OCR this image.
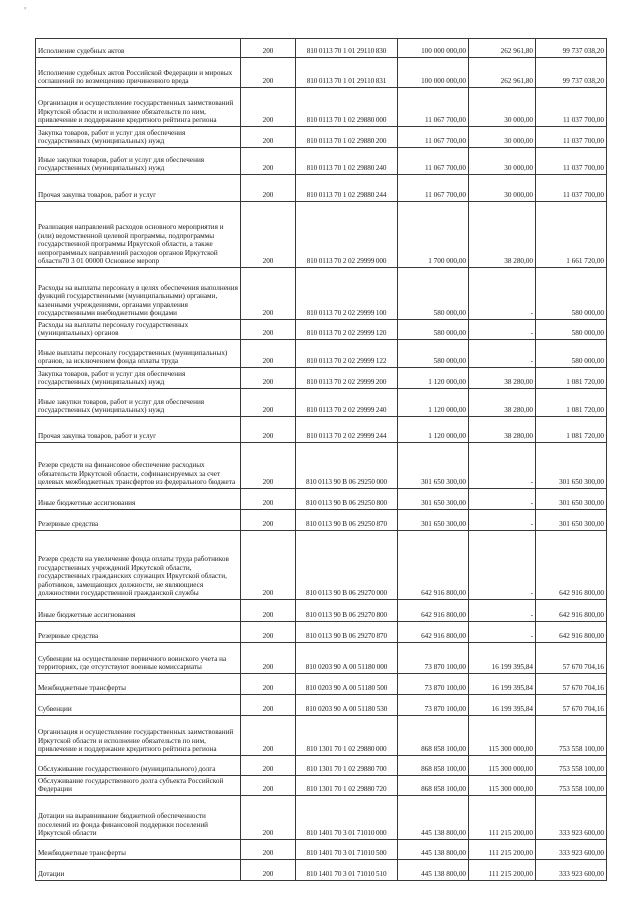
'
Исполнение судебных актов	200	810 0113 70 1 01 29110 830	100 000 000,00	262 961,80	99 737 038,20
Исполнение судебных актов Российской Федерации и мировых соглашений по возмещению причиненного вреда	200	810 0113 70 1 01 29110 831	100 000 000,00	262 961,80	99 737 038,20
Организация и осуществление государственных заимствований Иркутской области и исполнение обязательств по ним, привлечение и поддержание кредитного рейтинга региона	200	810 0113 70 1 02 29880 000	11 067 700,00	30 000,00	11 037 700,00
Закупка товаров, работ и услуг для обеспечения государственных (муниципальных) нужд	200	810 0113 70 1 02 29880 200	11 067 700,00	30 000,00	11 037 700,00
Иные закупки товаров, работ и услуг для обеспечения государственных (муниципальных) нужд	200	810 0113 70 1 02 29880 240	11 067 700,00	30 000,00	11 037 700,00
Прочая закупка товаров, работ и услуг	200	810 0113 70 1 02 29880 244	11 067 700,00	30 000,00	11 037 700,00
Реализация направлений расходов основного мероприятия и (или) ведомственной целевой программы, подпрограммы государственной программы Иркутской области, а также непрограммных направлений расходов органов Иркутской области70 3 01 00000 Основное меропр	200	810 0113 70 2 02 29999 000	1 700 000,00	38 280,00	1 661 720,00
Расходы на выплаты персоналу в целях обеспечения выполнения функций государственными (муниципальными) органами, казенными учреждениями, органами управления государственными внебюджетными фондами	200	810 0113 70 2 02 29999 100	580 000,00	-	580 000,00
Расходы на выплаты персоналу государственных (муниципальных) органов	200	810 0113 70 2 02 29999 120	580 000,00	-	580 000,00
Иные выплаты персоналу государственных (муниципальных) органов, за исключением фонда оплаты труда	200	810 0113 70 2 02 29999 122	580 000,00	-	580 000,00
Закупка товаров, работ и услуг для обеспечения государственных (муниципальных) нужд	200	810 0113 70 2 02 29999 200	1 120 000,00	38 280,00	1 081 720,00
Иные закупки товаров, работ и услуг для обеспечения государственных (муниципальных) нужд	200	810 0113 70 2 02 29999 240	1 120 000,00	38 280,00	1 081 720,00
Прочая закупка товаров, работ и услуг	200	810 0113 70 2 02 29999 244	1 120 000,00	38 280,00	1 081 720,00
Резерв средств на финансовое обеспечение расходных обязательств Иркутской области, софинансируемых за счет целевых межбюджетных трансфертов из федерального бюджета	200	810 0113 90 В 06 29250 000	301 650 300,00	-	301 650 300,00
Иные бюджетные ассигнования	200	810 0113 90 В 06 29250 800	301 650 300,00	-	301 650 300,00
Резервные средства	200	810 0113 90 В 06 29250 870	301 650 300,00	-	301 650 300,00
Резерв средств на увеличение фонда оплаты труда работников государственных учреждений Иркутской области, государственных гражданских служащих Иркутской области, работников, замещающих должности, не являющиеся должностями государственной гражданской службы	200	810 0113 90 В 06 29270 000	642 916 800,00	-	642 916 800,00
Иные бюджетные ассигнования	200	810 0113 90 В 06 29270 800	642 916 800,00	-	642 916 800,00
Резервные средства	200	810 0113 90 В 06 29270 870	642 916 800,00	-	642 916 800,00
Субвенции на осуществление первичного воинского учета на территориях, где отсутствуют военные комиссариаты	200	810 0203 90 А 00 51180 000	73 870 100,00	16 199 395,84	57 670 704,16
Межбюджетные трансферты	200	810 0203 90 А 00 51180 500	73 870 100,00	16 199 395,84	57 670 704,16
Субвенции	200	810 0203 90 А 00 51180 530	73 870 100,00	16 199 395,84	57 670 704,16
Организация и осуществление государственных заимствований Иркутской области и исполнение обязательств по ним, привлечение и поддержание кредитного рейтинга региона	200	810 1301 70 1 02 29880 000	868 858 100,00	115 300 000,00	753 558 100,00
Обслуживание государственного (муниципального) долга	200	810 1301 70 1 02 29880 700	868 858 100,00	115 300 000,00	753 558 100,00
Обслуживание государственного долга субъекта Российской Федерации	200	810 1301 70 1 02 29880 720	868 858 100,00	115 300 000,00	753 558 100,00
Дотации на выравнивание бюджетной обеспеченности поселений из фонда финансовой поддержки поселений Иркутской области	200	810 1401 70 3 01 71010 000	445 138 800,00	111 215 200,00	333 923 600,00
Межбюджетные трансферты	200	810 1401 70 3 01 71010 500	445 138 800,00	111 215 200,00	333 923 600,00
Дотации	200	810 1401 70 3 01 71010 510	445 138 800,00	111 215 200,00	333 923 600,00
